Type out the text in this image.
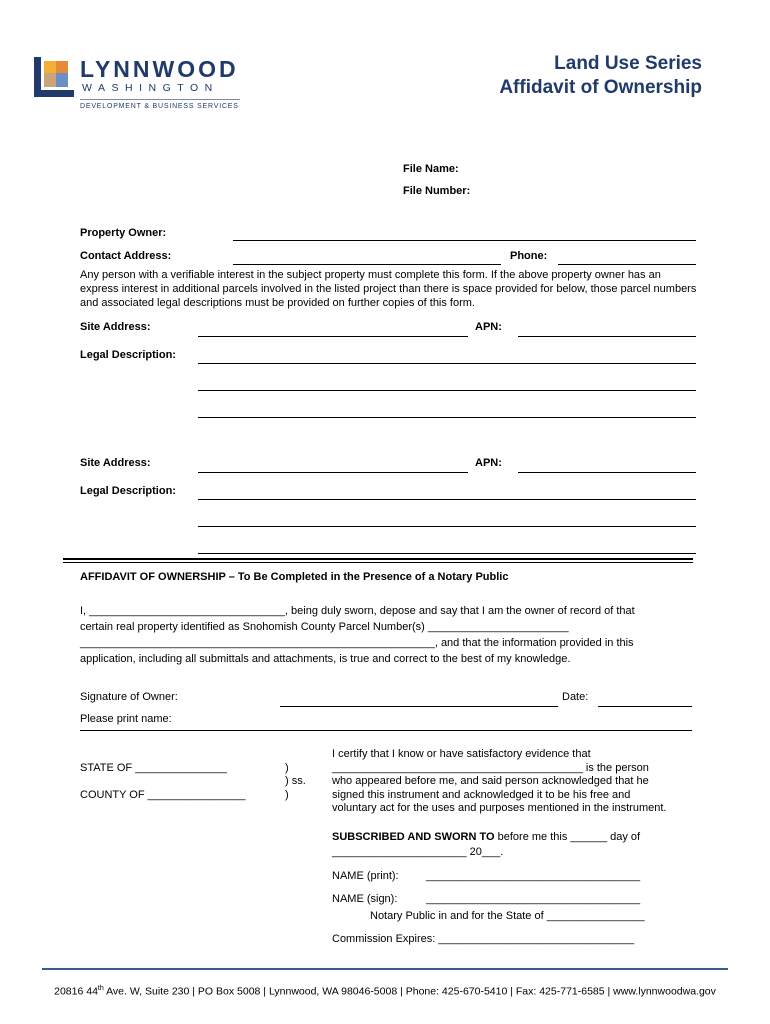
LYNNWOOD
WASHINGTON
DEVELOPMENT & BUSINESS SERVICES
Land Use Series
Affidavit of Ownership
File Name:
File Number:
Property Owner:
Contact Address:	Phone:
Any person with a verifiable interest in the subject property must complete this form. If the above property owner has an express interest in additional parcels involved in the listed project than there is space provided for below, those parcel numbers and associated legal descriptions must be provided on further copies of this form.
Site Address:	APN:
Legal Description:
Site Address:	APN:
Legal Description:
AFFIDAVIT OF OWNERSHIP – To Be Completed in the Presence of a Notary Public
I, ________________________________, being duly sworn, depose and say that I am the owner of record of that
certain real property identified as Snohomish County Parcel Number(s) _______________________
__________________________________________________________, and that the information provided in this
application, including all submittals and attachments, is true and correct to the best of my knowledge.
Signature of Owner:	Date:
Please print name:
STATE OF _______________
COUNTY OF ________________
)
) ss.
)
I certify that I know or have satisfactory evidence that
_________________________________________ is the person
who appeared before me, and said person acknowledged that he
signed this instrument and acknowledged it to be his free and
voluntary act for the uses and purposes mentioned in the instrument.
SUBSCRIBED AND SWORN TO before me this ______ day of
______________________ 20___.
NAME (print): ___________________________________
NAME (sign):	___________________________________
Notary Public in and for the State of ________________
Commission Expires: ________________________________
20816 44th Ave. W, Suite 230 | PO Box 5008 | Lynnwood, WA 98046-5008 | Phone: 425-670-5410 | Fax: 425-771-6585 | www.lynnwoodwa.gov
